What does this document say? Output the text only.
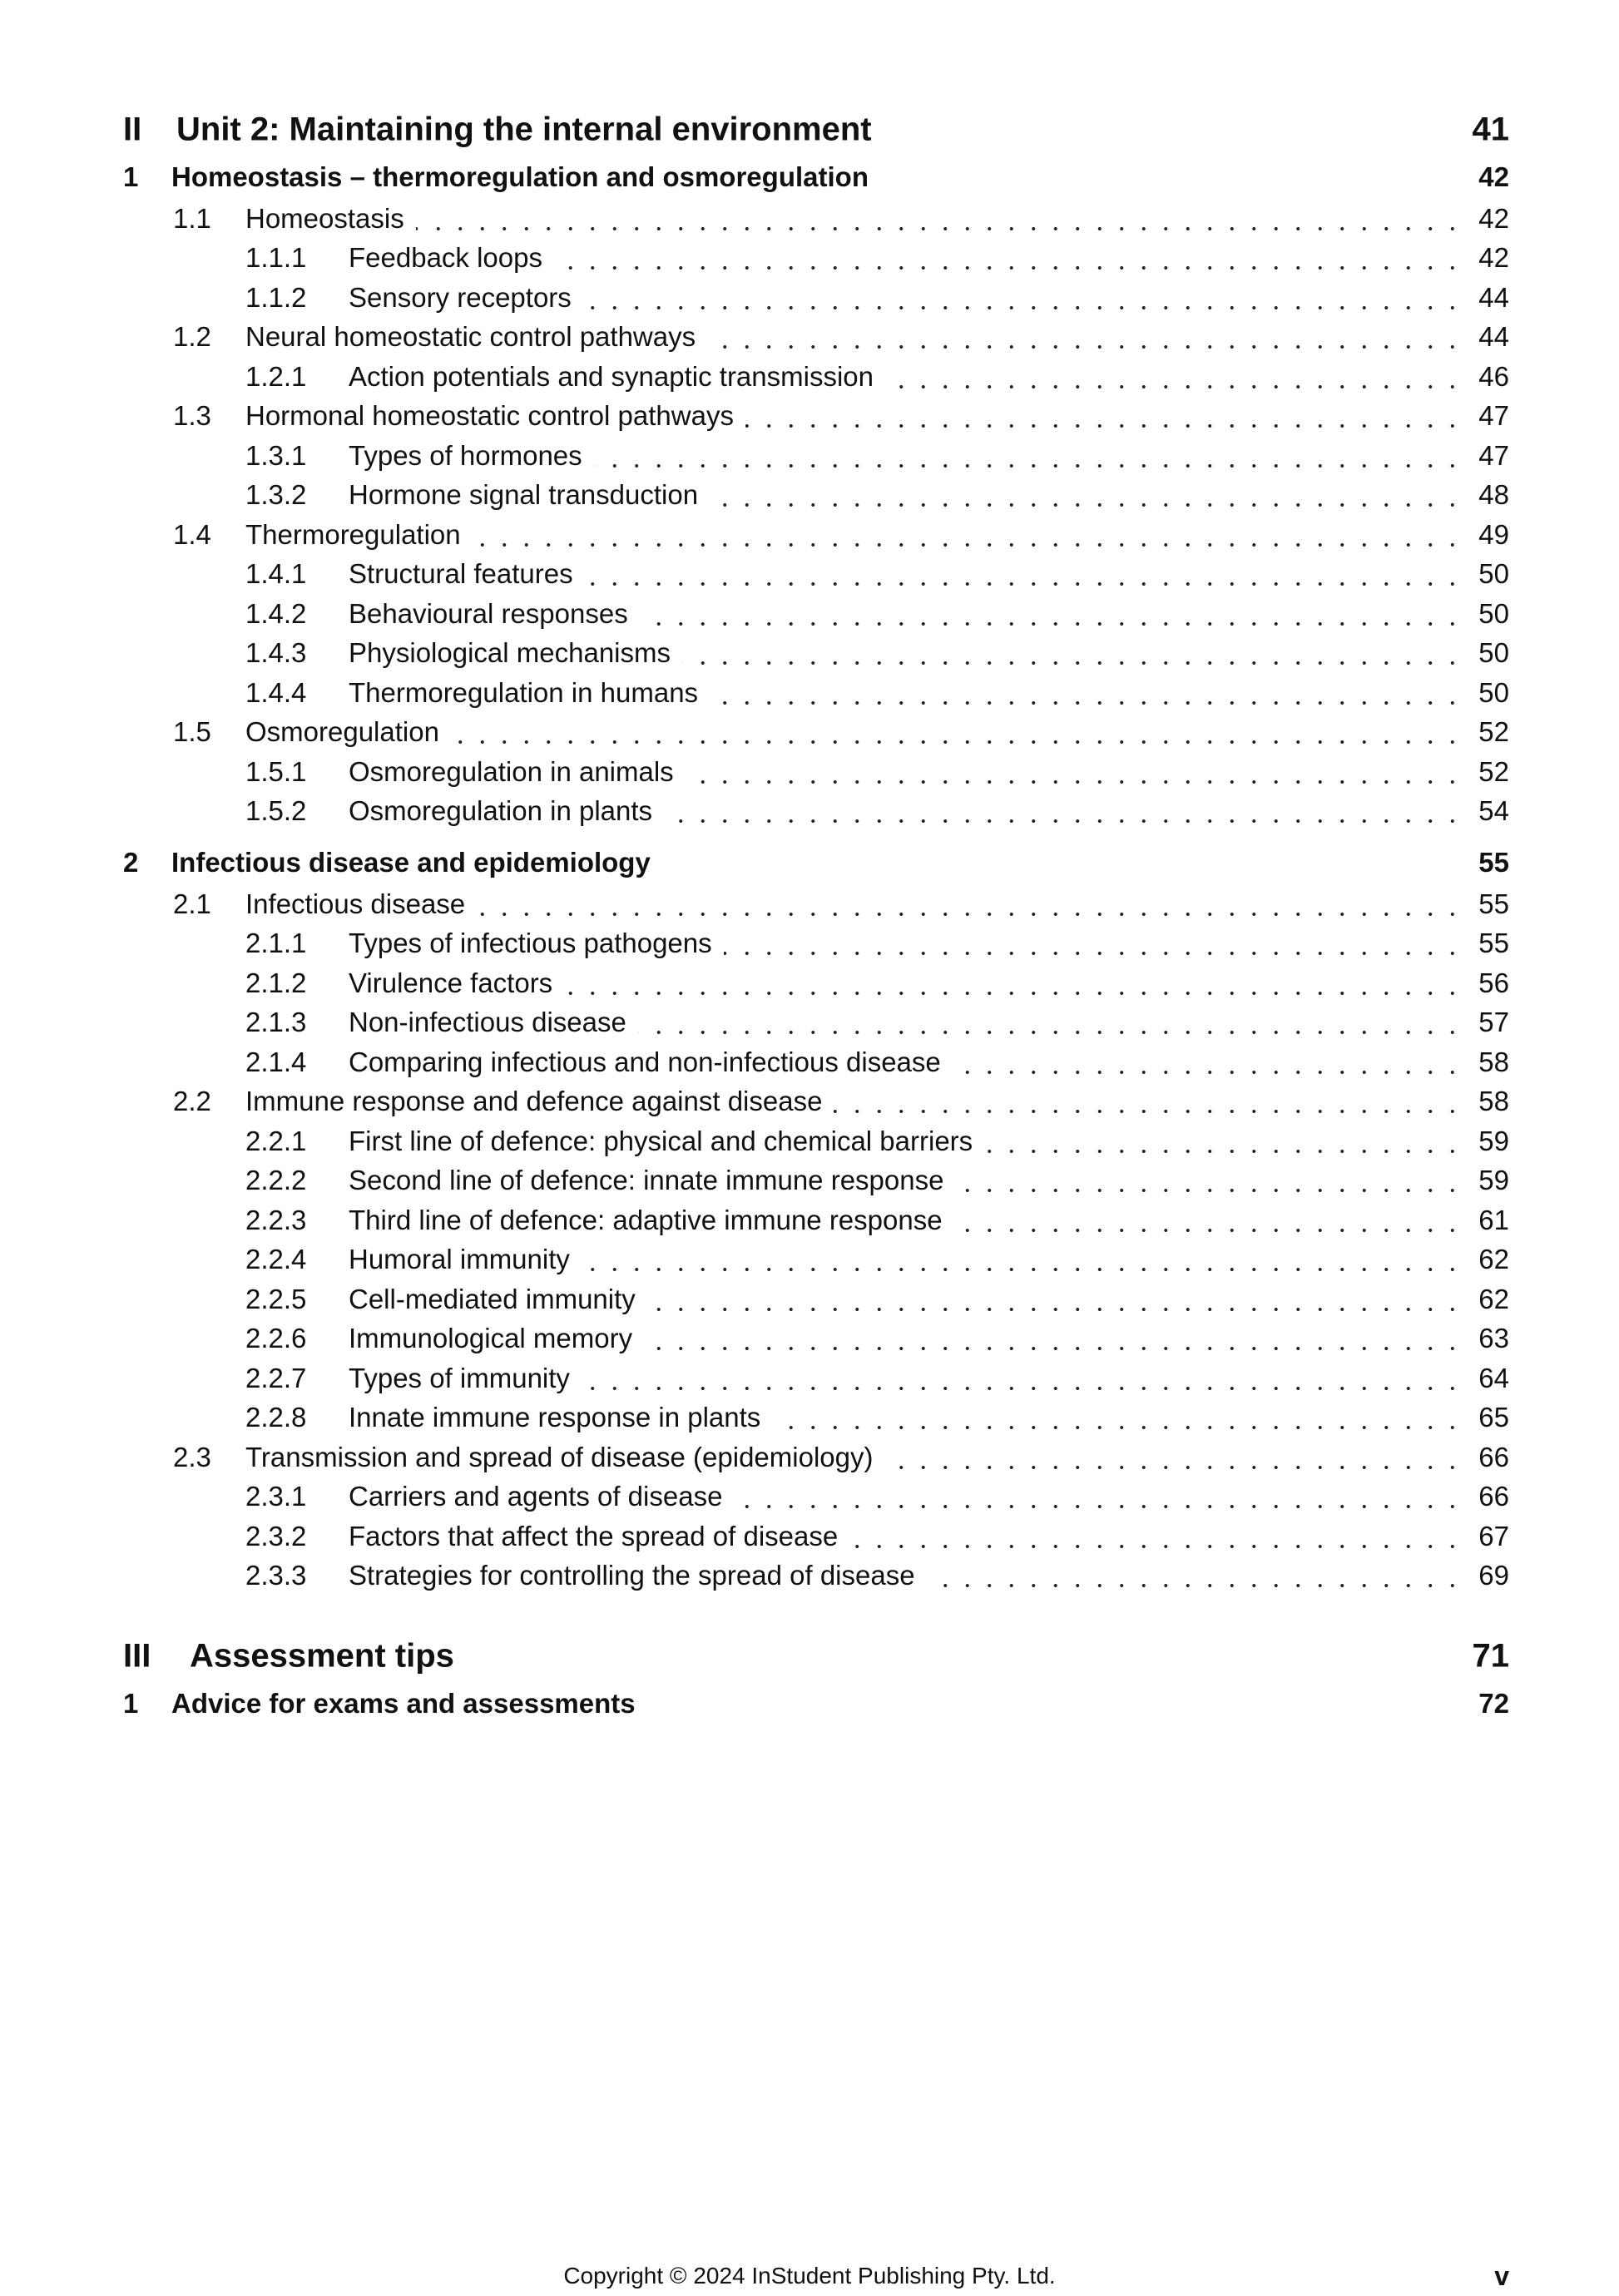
II Unit 2: Maintaining the internal environment	41
1 Homeostasis – thermoregulation and osmoregulation	42
1.1 Homeostasis	42
1.1.1 Feedback loops	42
1.1.2 Sensory receptors	44
1.2 Neural homeostatic control pathways	44
1.2.1 Action potentials and synaptic transmission	46
1.3 Hormonal homeostatic control pathways	47
1.3.1 Types of hormones	47
1.3.2 Hormone signal transduction	48
1.4 Thermoregulation	49
1.4.1 Structural features	50
1.4.2 Behavioural responses	50
1.4.3 Physiological mechanisms	50
1.4.4 Thermoregulation in humans	50
1.5 Osmoregulation	52
1.5.1 Osmoregulation in animals	52
1.5.2 Osmoregulation in plants	54
2 Infectious disease and epidemiology	55
2.1 Infectious disease	55
2.1.1 Types of infectious pathogens	55
2.1.2 Virulence factors	56
2.1.3 Non-infectious disease	57
2.1.4 Comparing infectious and non-infectious disease	58
2.2 Immune response and defence against disease	58
2.2.1 First line of defence: physical and chemical barriers	59
2.2.2 Second line of defence: innate immune response	59
2.2.3 Third line of defence: adaptive immune response	61
2.2.4 Humoral immunity	62
2.2.5 Cell-mediated immunity	62
2.2.6 Immunological memory	63
2.2.7 Types of immunity	64
2.2.8 Innate immune response in plants	65
2.3 Transmission and spread of disease (epidemiology)	66
2.3.1 Carriers and agents of disease	66
2.3.2 Factors that affect the spread of disease	67
2.3.3 Strategies for controlling the spread of disease	69
III Assessment tips	71
1 Advice for exams and assessments	72
Copyright © 2024 InStudent Publishing Pty. Ltd.	v
